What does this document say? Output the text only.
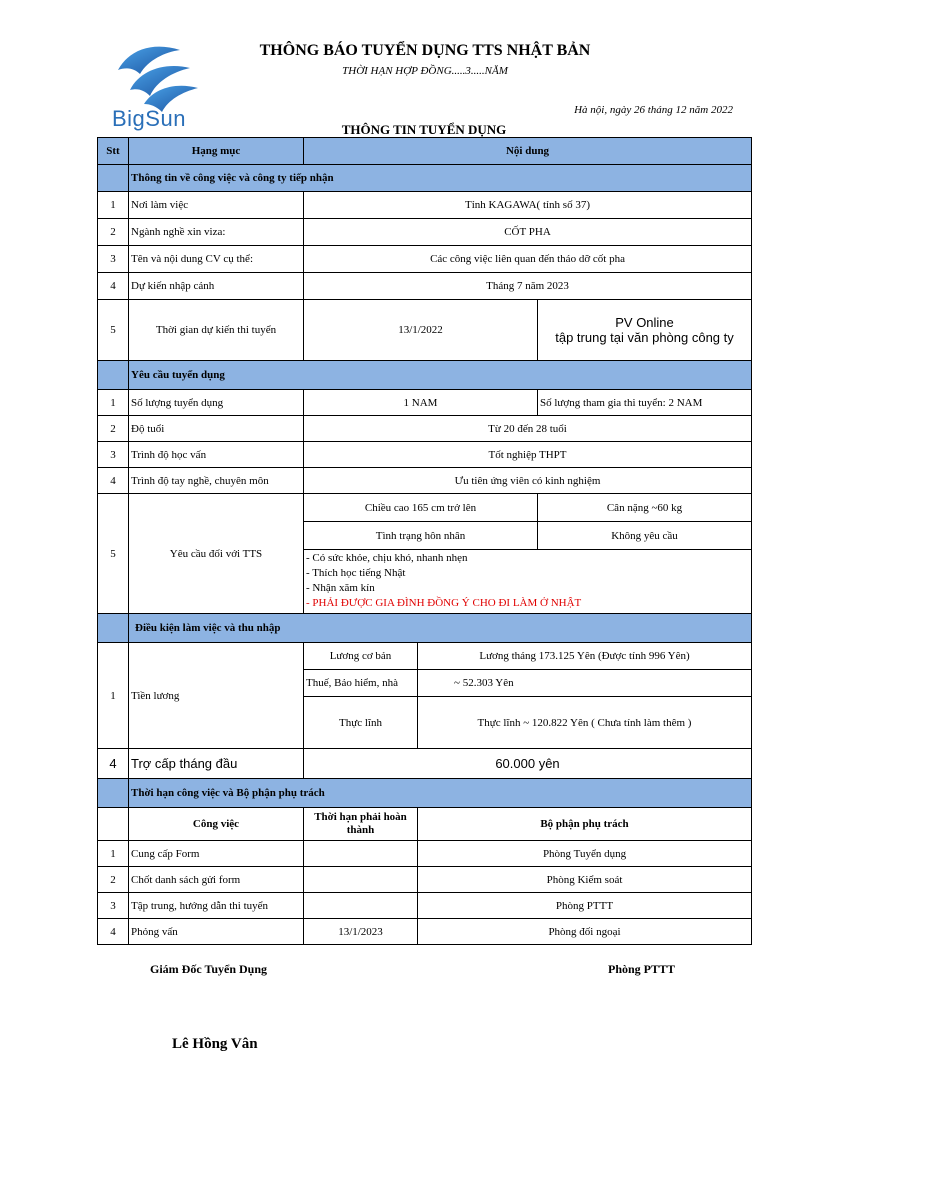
BigSun
THÔNG BÁO TUYỂN DỤNG TTS NHẬT BẢN
THỜI HẠN HỢP ĐỒNG.....3.....NĂM
Hà nội, ngày 26 tháng 12 năm 2022
THÔNG TIN TUYỂN DỤNG
Stt	Hạng mục	Nội dung		
	Thông tin về công việc và công ty tiếp nhận			
1	Nơi làm việc	Tỉnh KAGAWA( tỉnh số 37)		
2	Ngành nghề xin viza:	CỐT PHA		
3	Tên và nội dung CV cụ thể:	Các công việc liên quan đến tháo dỡ cốt pha		
4	Dự kiến nhập cảnh	Tháng 7 năm 2023		
5	Thời gian dự kiến thi tuyển	13/1/2022		PV Online
tập trung tại văn phòng công ty

	Yêu cầu tuyển dụng			
1	Số lượng tuyển dụng	1 NAM		Số lượng tham gia thi tuyển: 2 NAM
2	Độ tuổi	Từ 20 đến 28 tuổi		
3	Trình độ học vấn	Tốt nghiệp THPT		
4	Trình độ tay nghề, chuyên môn	Ưu tiên ứng viên có kinh nghiệm		
5	Yêu cầu đối với TTS	Chiều cao 165 cm trở lên		Cân nặng ~60 kg
		Tình trạng hôn nhân		Không yêu cầu

		- Có sức khỏe, chịu khó, nhanh nhẹn
- Thích học tiếng Nhật
- Nhận xăm kín
- PHẢI ĐƯỢC GIA ĐÌNH ĐỒNG Ý CHO ĐI LÀM Ở NHẬT		

	Điều kiện làm việc và thu nhập			
1	Tiền lương	Lương cơ bản	Lương tháng 173.125 Yên (Được tính 996 Yên)	
		Thuế, Bảo hiểm, nhà	~ 52.303 Yên	
		Thực lĩnh	Thực lĩnh ~ 120.822 Yên ( Chưa tính làm thêm )	
4	Trợ cấp tháng đầu	60.000 yên		
	Thời hạn công việc và Bộ phận phụ trách			
	Công việc	Thời hạn phải hoàn thành	Bộ phận phụ trách	
1	Cung cấp Form		Phòng Tuyển dụng	
2	Chốt danh sách gửi form		Phòng Kiểm soát	
3	Tập trung, hướng dẫn thi tuyển		Phòng PTTT	
4	Phỏng vấn	13/1/2023	Phòng đối ngoại	
Giám Đốc Tuyển Dụng	Phòng PTTT
Lê Hồng Vân
